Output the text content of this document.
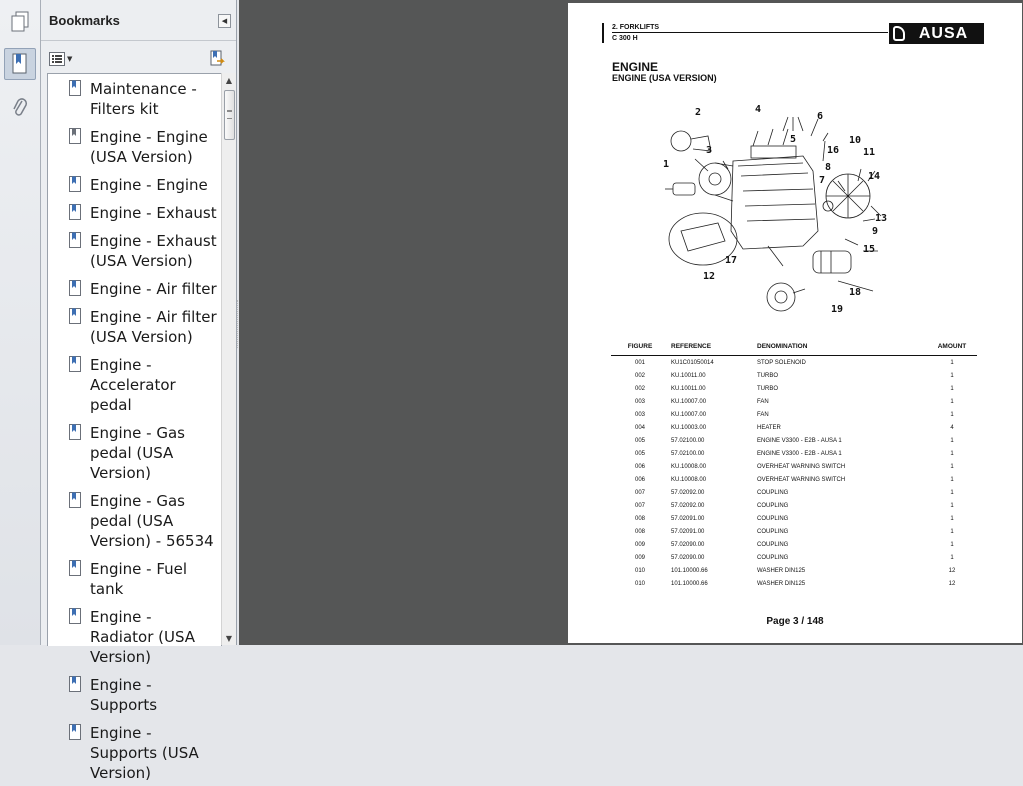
Bookmarks	◀
▼
Maintenance - Filters kit
Engine - Engine (USA Version)
Engine - Engine
Engine - Exhaust
Engine - Exhaust (USA Version)
Engine - Air filter
Engine - Air filter (USA Version)
Engine - Accelerator pedal
Engine - Gas pedal (USA Version)
Engine - Gas pedal (USA Version) - 56534
Engine - Fuel tank
Engine - Radiator (USA Version)
Engine - Supports
Engine - Supports (USA Version)
▲
▼
2. FORKLIFTS
C 300 H	AUSA
ENGINE
ENGINE (USA VERSION)
1
2
3
4
5
6
7
8
9
10
11
12
13
14
15
16
17
18
19
FIGURE	REFERENCE	DENOMINATION	AMOUNT
001	KU1C01050014	STOP SOLENOID	1
002	KU.10011.00	TURBO	1
002	KU.10011.00	TURBO	1
003	KU.10007.00	FAN	1
003	KU.10007.00	FAN	1
004	KU.10003.00	HEATER	4
005	57.02100.00	ENGINE V3300 - E2B - AUSA 1	1
005	57.02100.00	ENGINE V3300 - E2B - AUSA 1	1
006	KU.10008.00	OVERHEAT WARNING SWITCH	1
006	KU.10008.00	OVERHEAT WARNING SWITCH	1
007	57.02092.00	COUPLING	1
007	57.02092.00	COUPLING	1
008	57.02091.00	COUPLING	1
008	57.02091.00	COUPLING	1
009	57.02090.00	COUPLING	1
009	57.02090.00	COUPLING	1
010	101.10000.66	WASHER DIN125	12
010	101.10000.66	WASHER DIN125	12
Page 3 / 148
